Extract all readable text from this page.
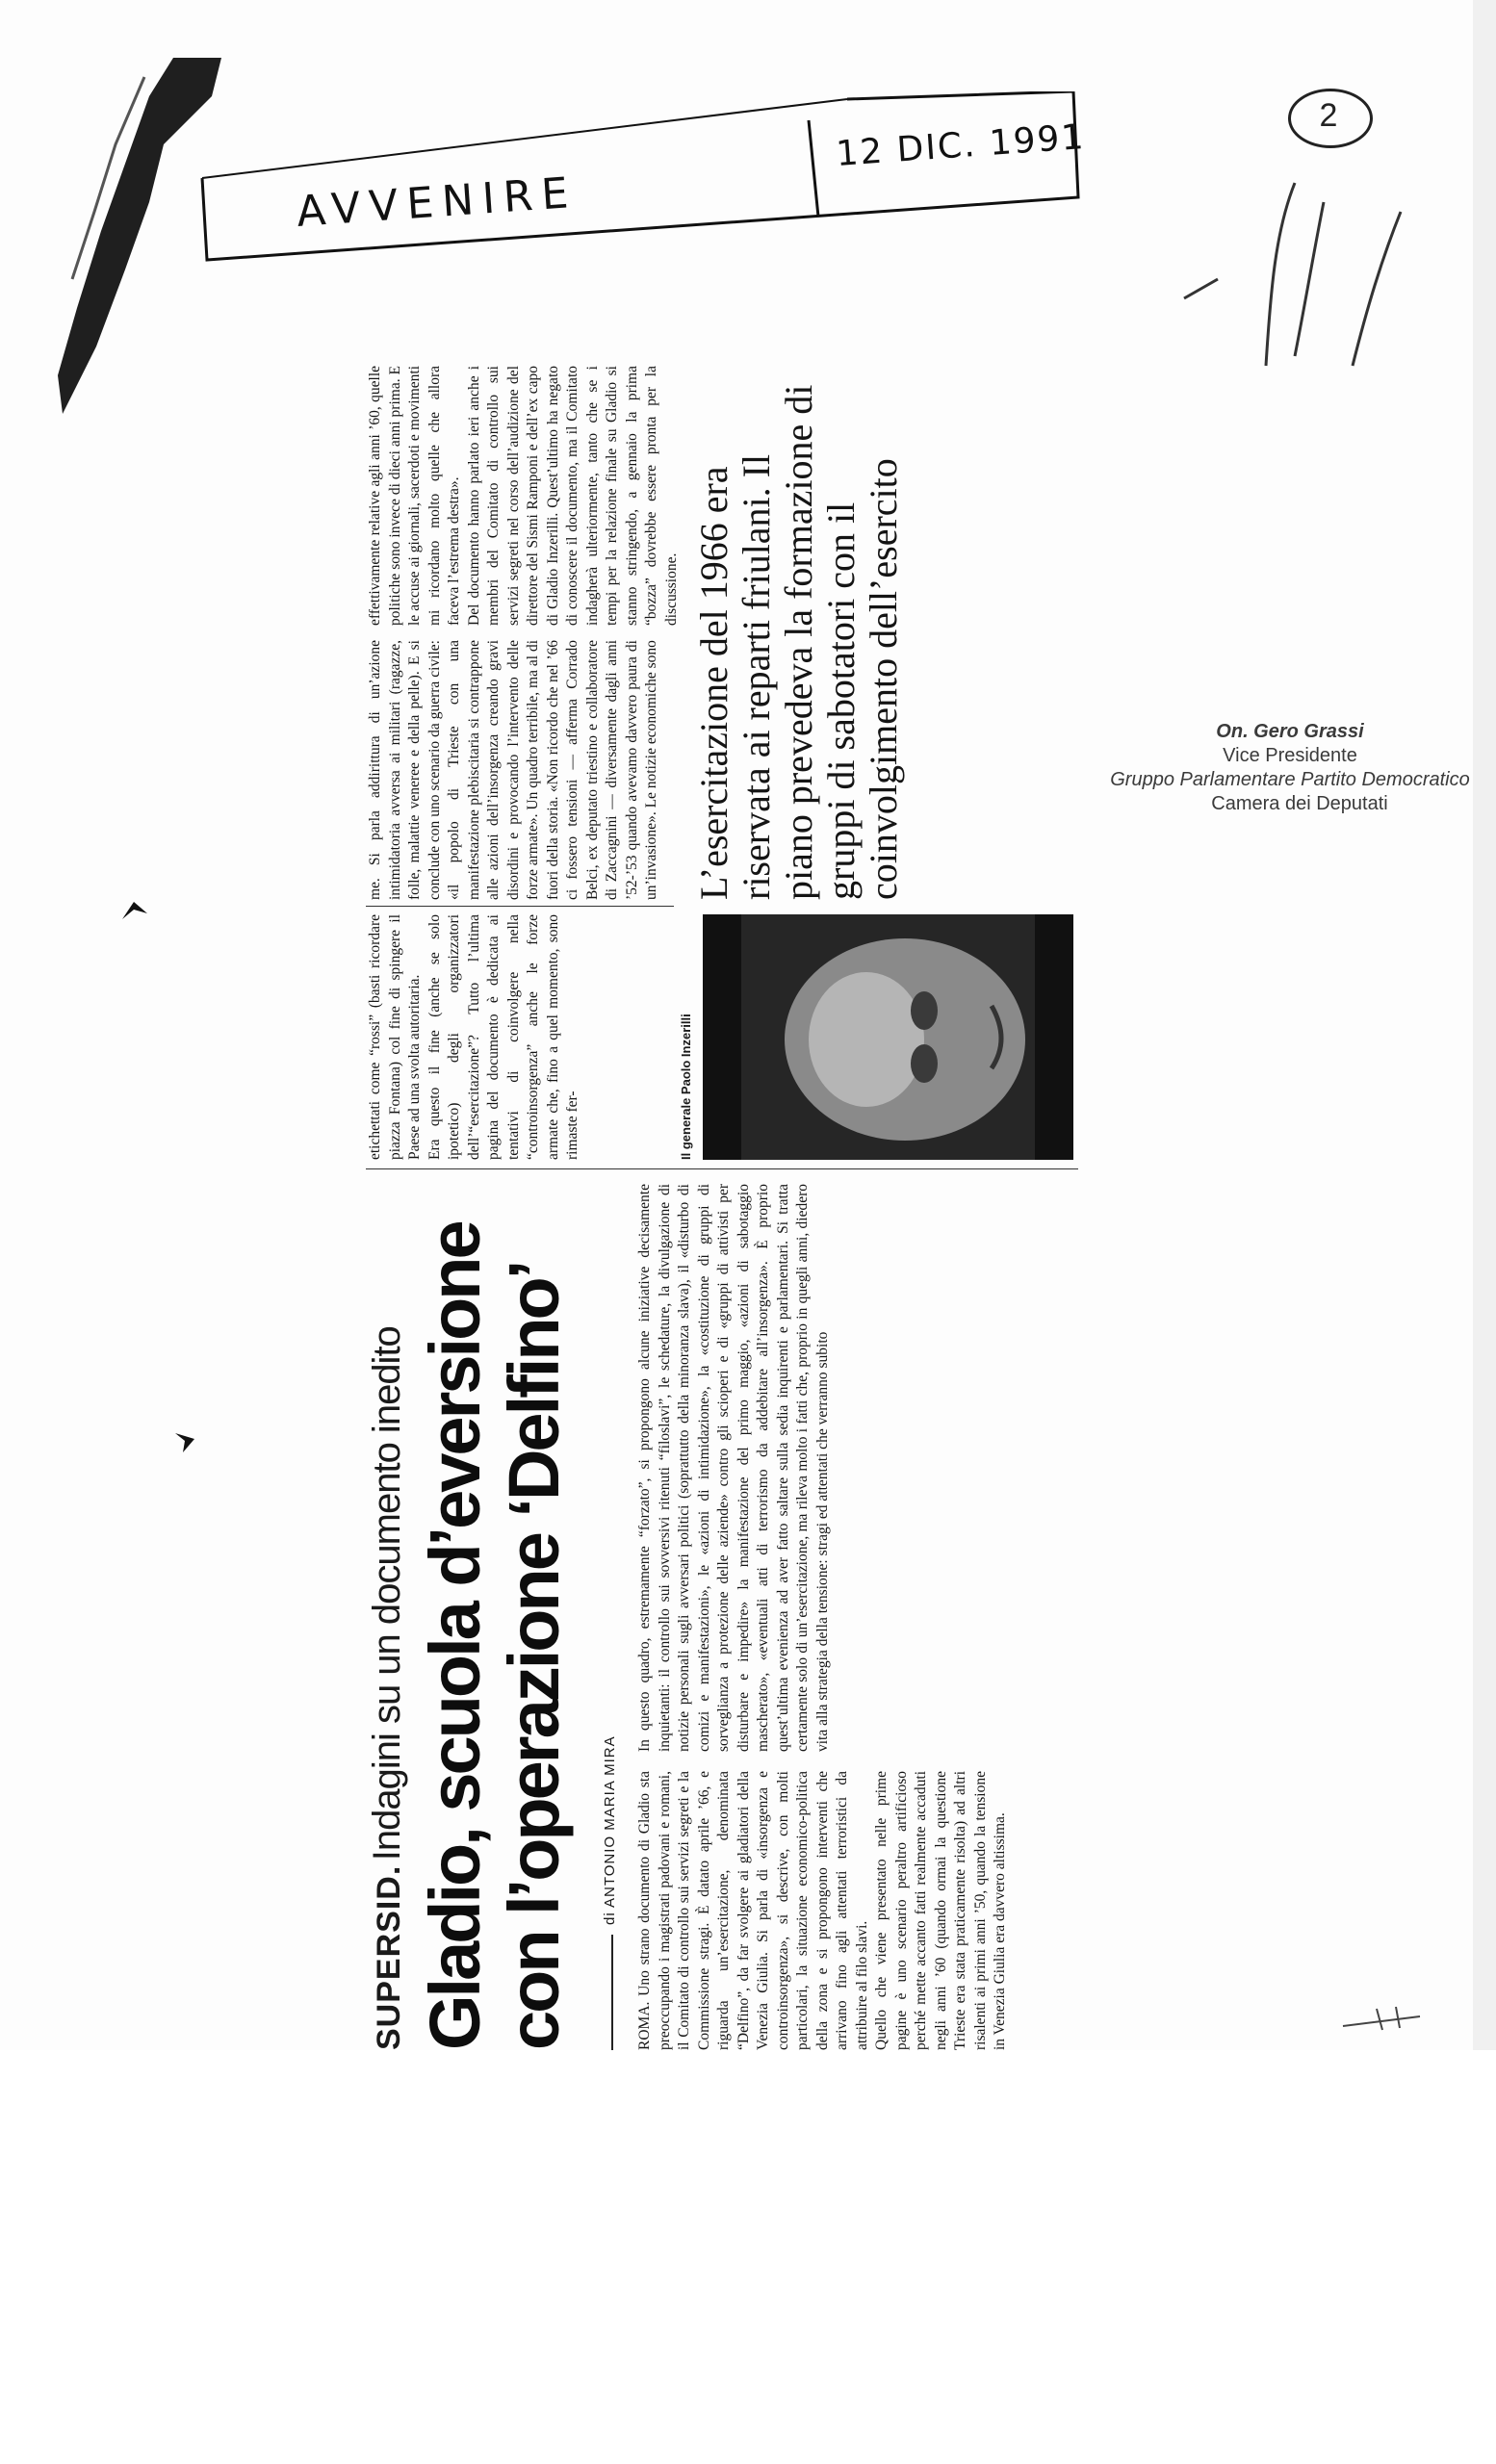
AVVENIRE
12 DIC. 1991
2
SUPERSID. Indagini su un documento inedito Gladio, scuola d’eversione con l’operazione ‘Delfino’ di ANTONIO MARIA MIRA
ROMA. Uno strano documento di Gladio sta preoccupando i magistrati padovani e romani, il Comitato di controllo sui servizi segreti e la Commissione stragi. È datato aprile ’66, e riguarda un’esercitazione, denominata “Delfino”, da far svolgere ai gladiatori della Venezia Giulia. Si parla di «insorgenza e controinsorgenza», si descrive, con molti particolari, la situazione economico-politica della zona e si propongono interventi che arrivano fino agli attentati terroristici da attribuire al filo slavi.
Quello che viene presentato nelle prime pagine è uno scenario peraltro artificioso perché mette accanto fatti realmente accaduti negli anni ’60 (quando ormai la questione Trieste era stata praticamente risolta) ad altri risalenti ai primi anni ’50, quando la tensione in Venezia Giulia era davvero altissima.
In questo quadro, estremamente “forzato”, si propongono alcune iniziative decisamente inquietanti: il controllo sui sovversivi ritenuti “filoslavi”, le schedature, la divulgazione di notizie personali sugli avversari politici (soprattutto della minoranza slava), il «disturbo di comizi e manifestazioni», le «azioni di intimidazione», la «costituzione di gruppi di sorveglianza a protezione delle aziende» contro gli scioperi e di «gruppi di attivisti per disturbare e impedire» la manifestazione del primo maggio, «azioni di sabotaggio mascherato», «eventuali atti di terrorismo da addebitare all’insorgenza». È proprio quest’ultima evenienza ad aver fatto saltare sulla sedia inquirenti e parlamentari. Si tratta certamente solo di un’esercitazione, ma rileva molto i fatti che, proprio in quegli anni, diedero vita alla strategia della tensione: stragi ed attentati che verranno subito
etichettati come “rossi” (basti ricordare piazza Fontana) col fine di spingere il Paese ad una svolta autoritaria.
Era questo il fine (anche se solo ipotetico) degli organizzatori dell’“esercitazione”? Tutto l’ultima pagina del documento è dedicata ai tentativi di coinvolgere nella “controinsorgenza” anche le forze armate che, fino a quel momento, sono rimaste fer-
me. Si parla addirittura di un’azione intimidatoria avversa ai militari (ragazze, folle, malattie veneree e della pelle). E si conclude con uno scenario da guerra civile: «il popolo di Trieste con una manifestazione plebiscitaria si contrappone alle azioni dell’insorgenza creando gravi disordini e provocando l’intervento delle forze armate». Un quadro terribile, ma al di fuori della storia. «Non ricordo che nel ’66 ci fossero tensioni — afferma Corrado Belci, ex deputato triestino e collaboratore di Zaccagnini — diversamente dagli anni ’52-’53 quando avevamo davvero paura di un’invasione». Le notizie economiche sono
effettivamente relative agli anni ’60, quelle politiche sono invece di dieci anni prima. E le accuse ai giornali, sacerdoti e movimenti mi ricordano molto quelle che allora faceva l’estrema destra».
Del documento hanno parlato ieri anche i membri del Comitato di controllo sui servizi segreti nel corso dell’audizione del direttore del Sismi Ramponi e dell’ex capo di Gladio Inzerilli. Quest’ultimo ha negato di conoscere il documento, ma il Comitato indagherà ulteriormente, tanto che se i tempi per la relazione finale su Gladio si stanno stringendo, a gennaio la prima “bozza” dovrebbe essere pronta per la discussione.
Il generale Paolo Inzerilli
L’esercitazione del 1966 era riservata ai reparti friulani. Il piano prevedeva la formazione di gruppi di sabotatori con il coinvolgimento dell’esercito	On. Gero Grassi
Vice Presidente
Gruppo Parlamentare Partito Democratico
Camera dei Deputati
